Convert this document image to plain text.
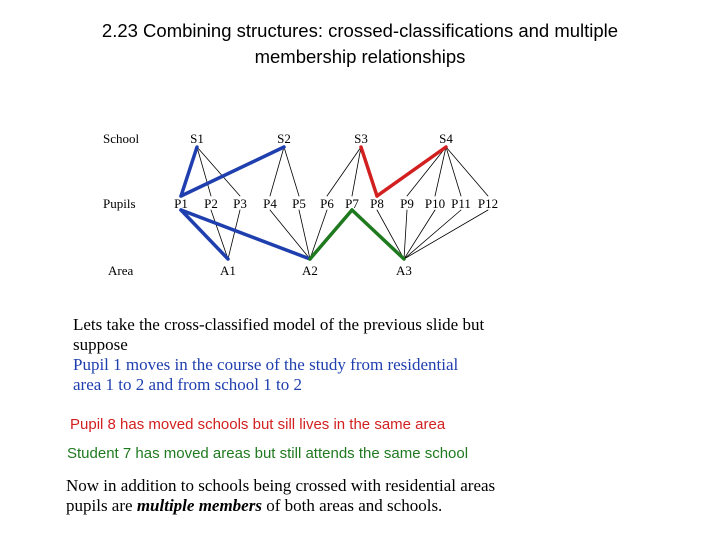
2.23 Combining structures: crossed-classifications and multiple
membership relationships
School
Pupils
Area
S1	S2	S3	S4
P1 P2 P3 P4 P5 P6 P7 P8 P9 P10 P11 P12
A1	A2	A3
Lets take the cross-classified model of the previous slide but
suppose
Pupil 1 moves in the course of the study from residential
area 1 to 2 and from school 1 to 2
Pupil 8 has moved schools but sill lives in the same area
Student 7 has moved areas but still attends the same school
Now in addition to schools being crossed with residential areas
pupils are multiple members of both areas and schools.
